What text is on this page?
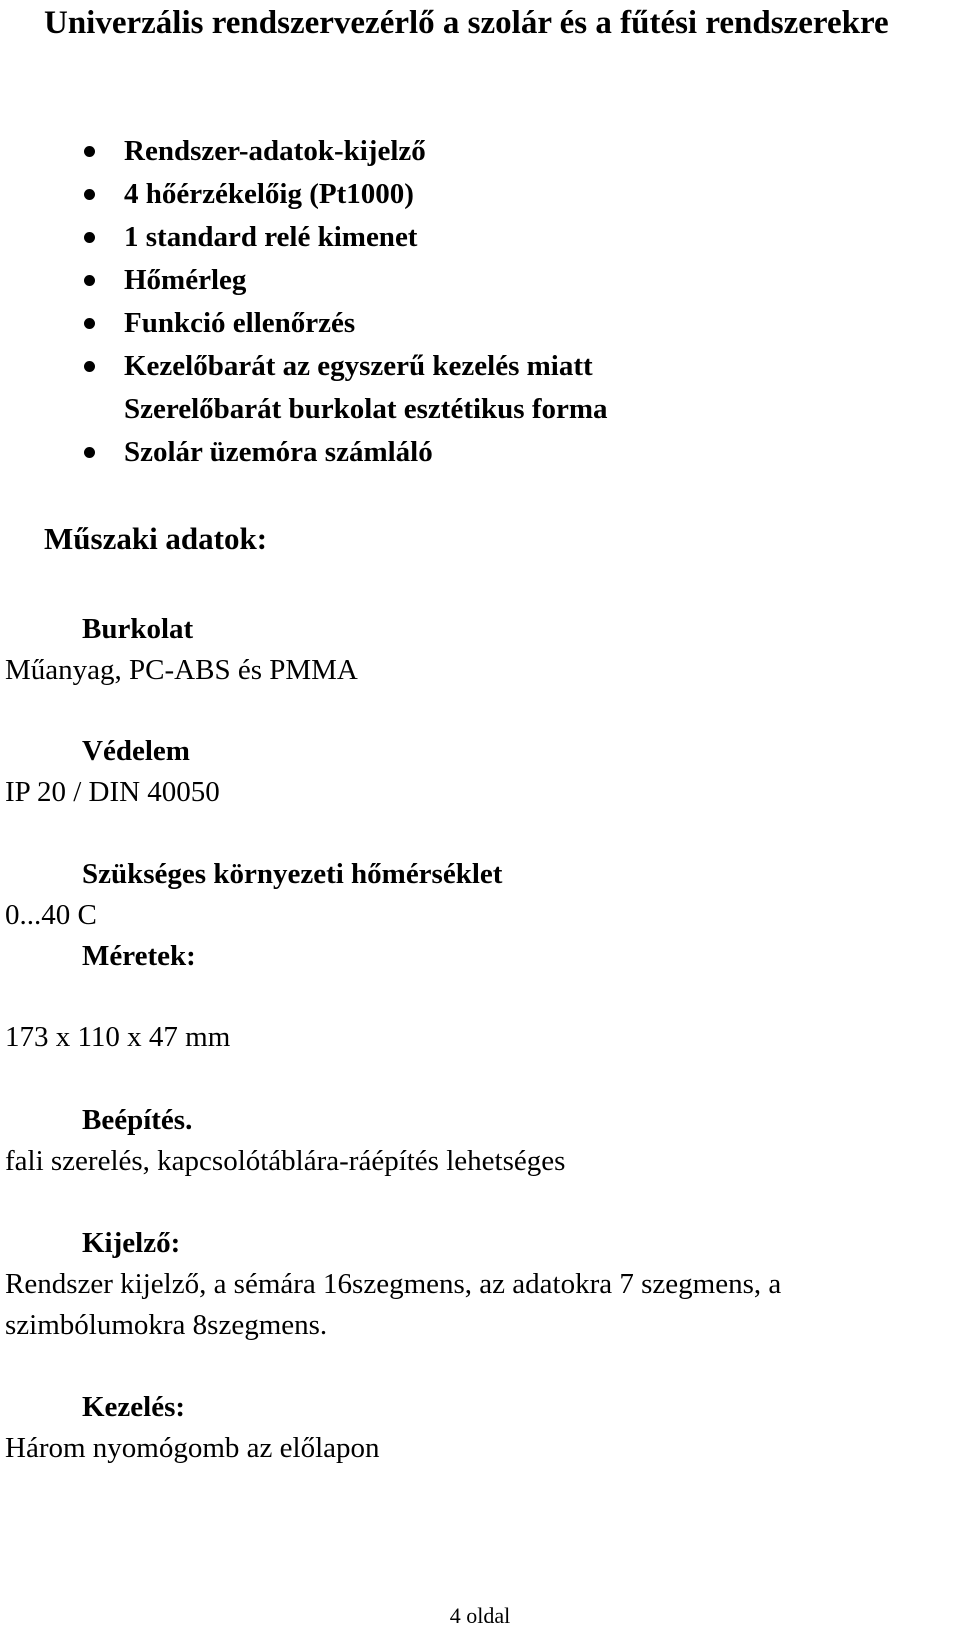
Univerzális rendszervezérlő a szolár és a fűtési rendszerekre
Rendszer-adatok-kijelző
4 hőérzékelőig (Pt1000)
1 standard relé kimenet
Hőmérleg
Funkció ellenőrzés
Kezelőbarát az egyszerű kezelés miatt
Szerelőbarát burkolat esztétikus forma
Szolár üzemóra számláló
Műszaki adatok:
Burkolat
Műanyag, PC-ABS és PMMA
Védelem
IP 20 / DIN 40050
Szükséges környezeti hőmérséklet
0...40 C
Méretek:
173 x 110 x 47 mm
Beépítés.
fali szerelés, kapcsolótáblára-ráépítés lehetséges
Kijelző:
Rendszer kijelző, a sémára 16szegmens, az adatokra 7 szegmens, a
szimbólumokra 8szegmens.
Kezelés:
Három nyomógomb az előlapon
4 oldal
